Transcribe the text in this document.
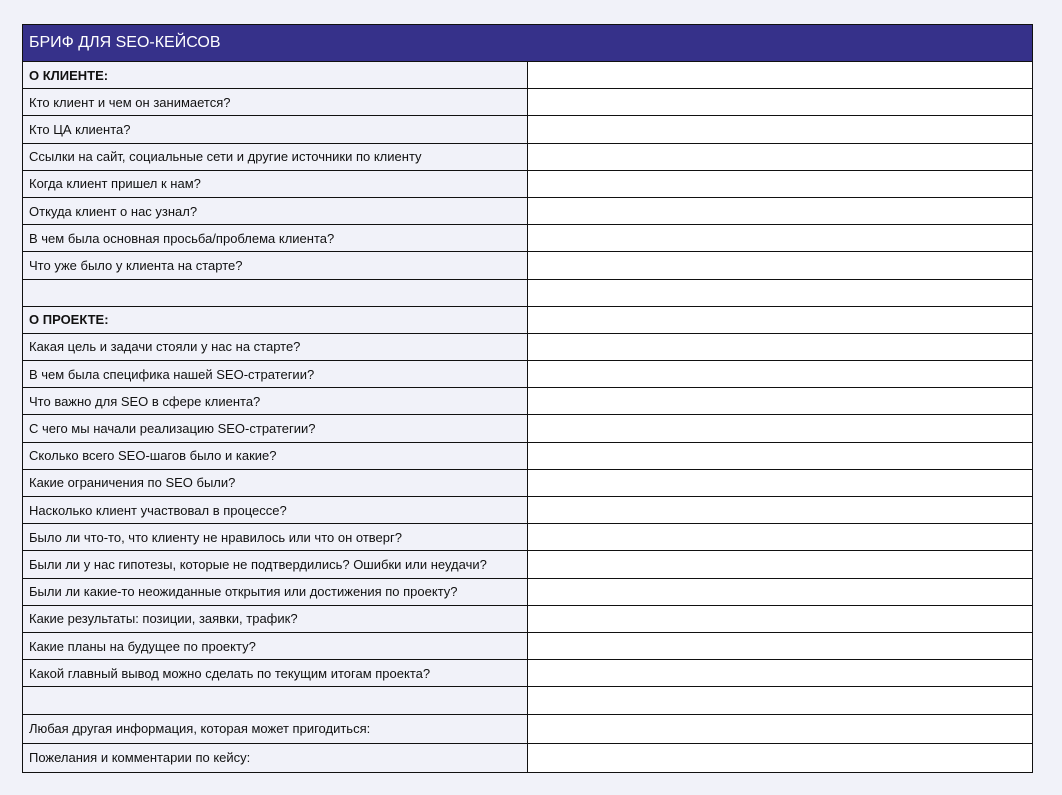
БРИФ ДЛЯ SEO-КЕЙСОВ	
О КЛИЕНТЕ:	
Кто клиент и чем он занимается?	
Кто ЦА клиента?	
Ссылки на сайт, социальные сети и другие источники по клиенту	
Когда клиент пришел к нам?	
Откуда клиент о нас узнал?	
В чем была основная просьба/проблема клиента?	
Что уже было у клиента на старте?	

О ПРОЕКТЕ:	
Какая цель и задачи стояли у нас на старте?	
В чем была специфика нашей SEO-стратегии?	
Что важно для SEO в сфере клиента?	
С чего мы начали реализацию SEO-стратегии?	
Сколько всего SEO-шагов было и какие?	
Какие ограничения по SEO были?	
Насколько клиент участвовал в процессе?	
Было ли что-то, что клиенту не нравилось или что он отверг?	
Были ли у нас гипотезы, которые не подтвердились? Ошибки или неудачи?	
Были ли какие-то неожиданные открытия или достижения по проекту?	
Какие результаты: позиции, заявки, трафик?	
Какие планы на будущее по проекту?	
Какой главный вывод можно сделать по текущим итогам проекта?	

Любая другая информация, которая может пригодиться:	
Пожелания и комментарии по кейсу:	
